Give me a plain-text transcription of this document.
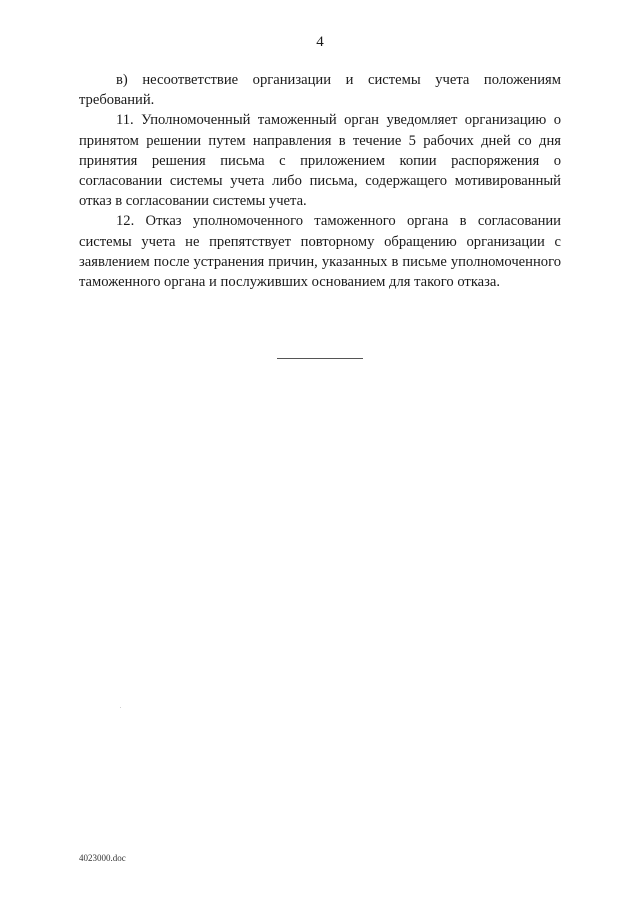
4

в) несоответствие организации и системы учета положениям требований.

11. Уполномоченный таможенный орган уведомляет организацию о принятом решении путем направления в течение 5 рабочих дней со дня принятия решения письма с приложением копии распоряжения о согласовании системы учета либо письма, содержащего мотивированный отказ в согласовании системы учета.

12. Отказ уполномоченного таможенного органа в согласовании системы учета не препятствует повторному обращению организации с заявлением после устранения причин, указанных в письме уполномоченного таможенного органа и послуживших основанием для такого отказа.

4023000.doc
